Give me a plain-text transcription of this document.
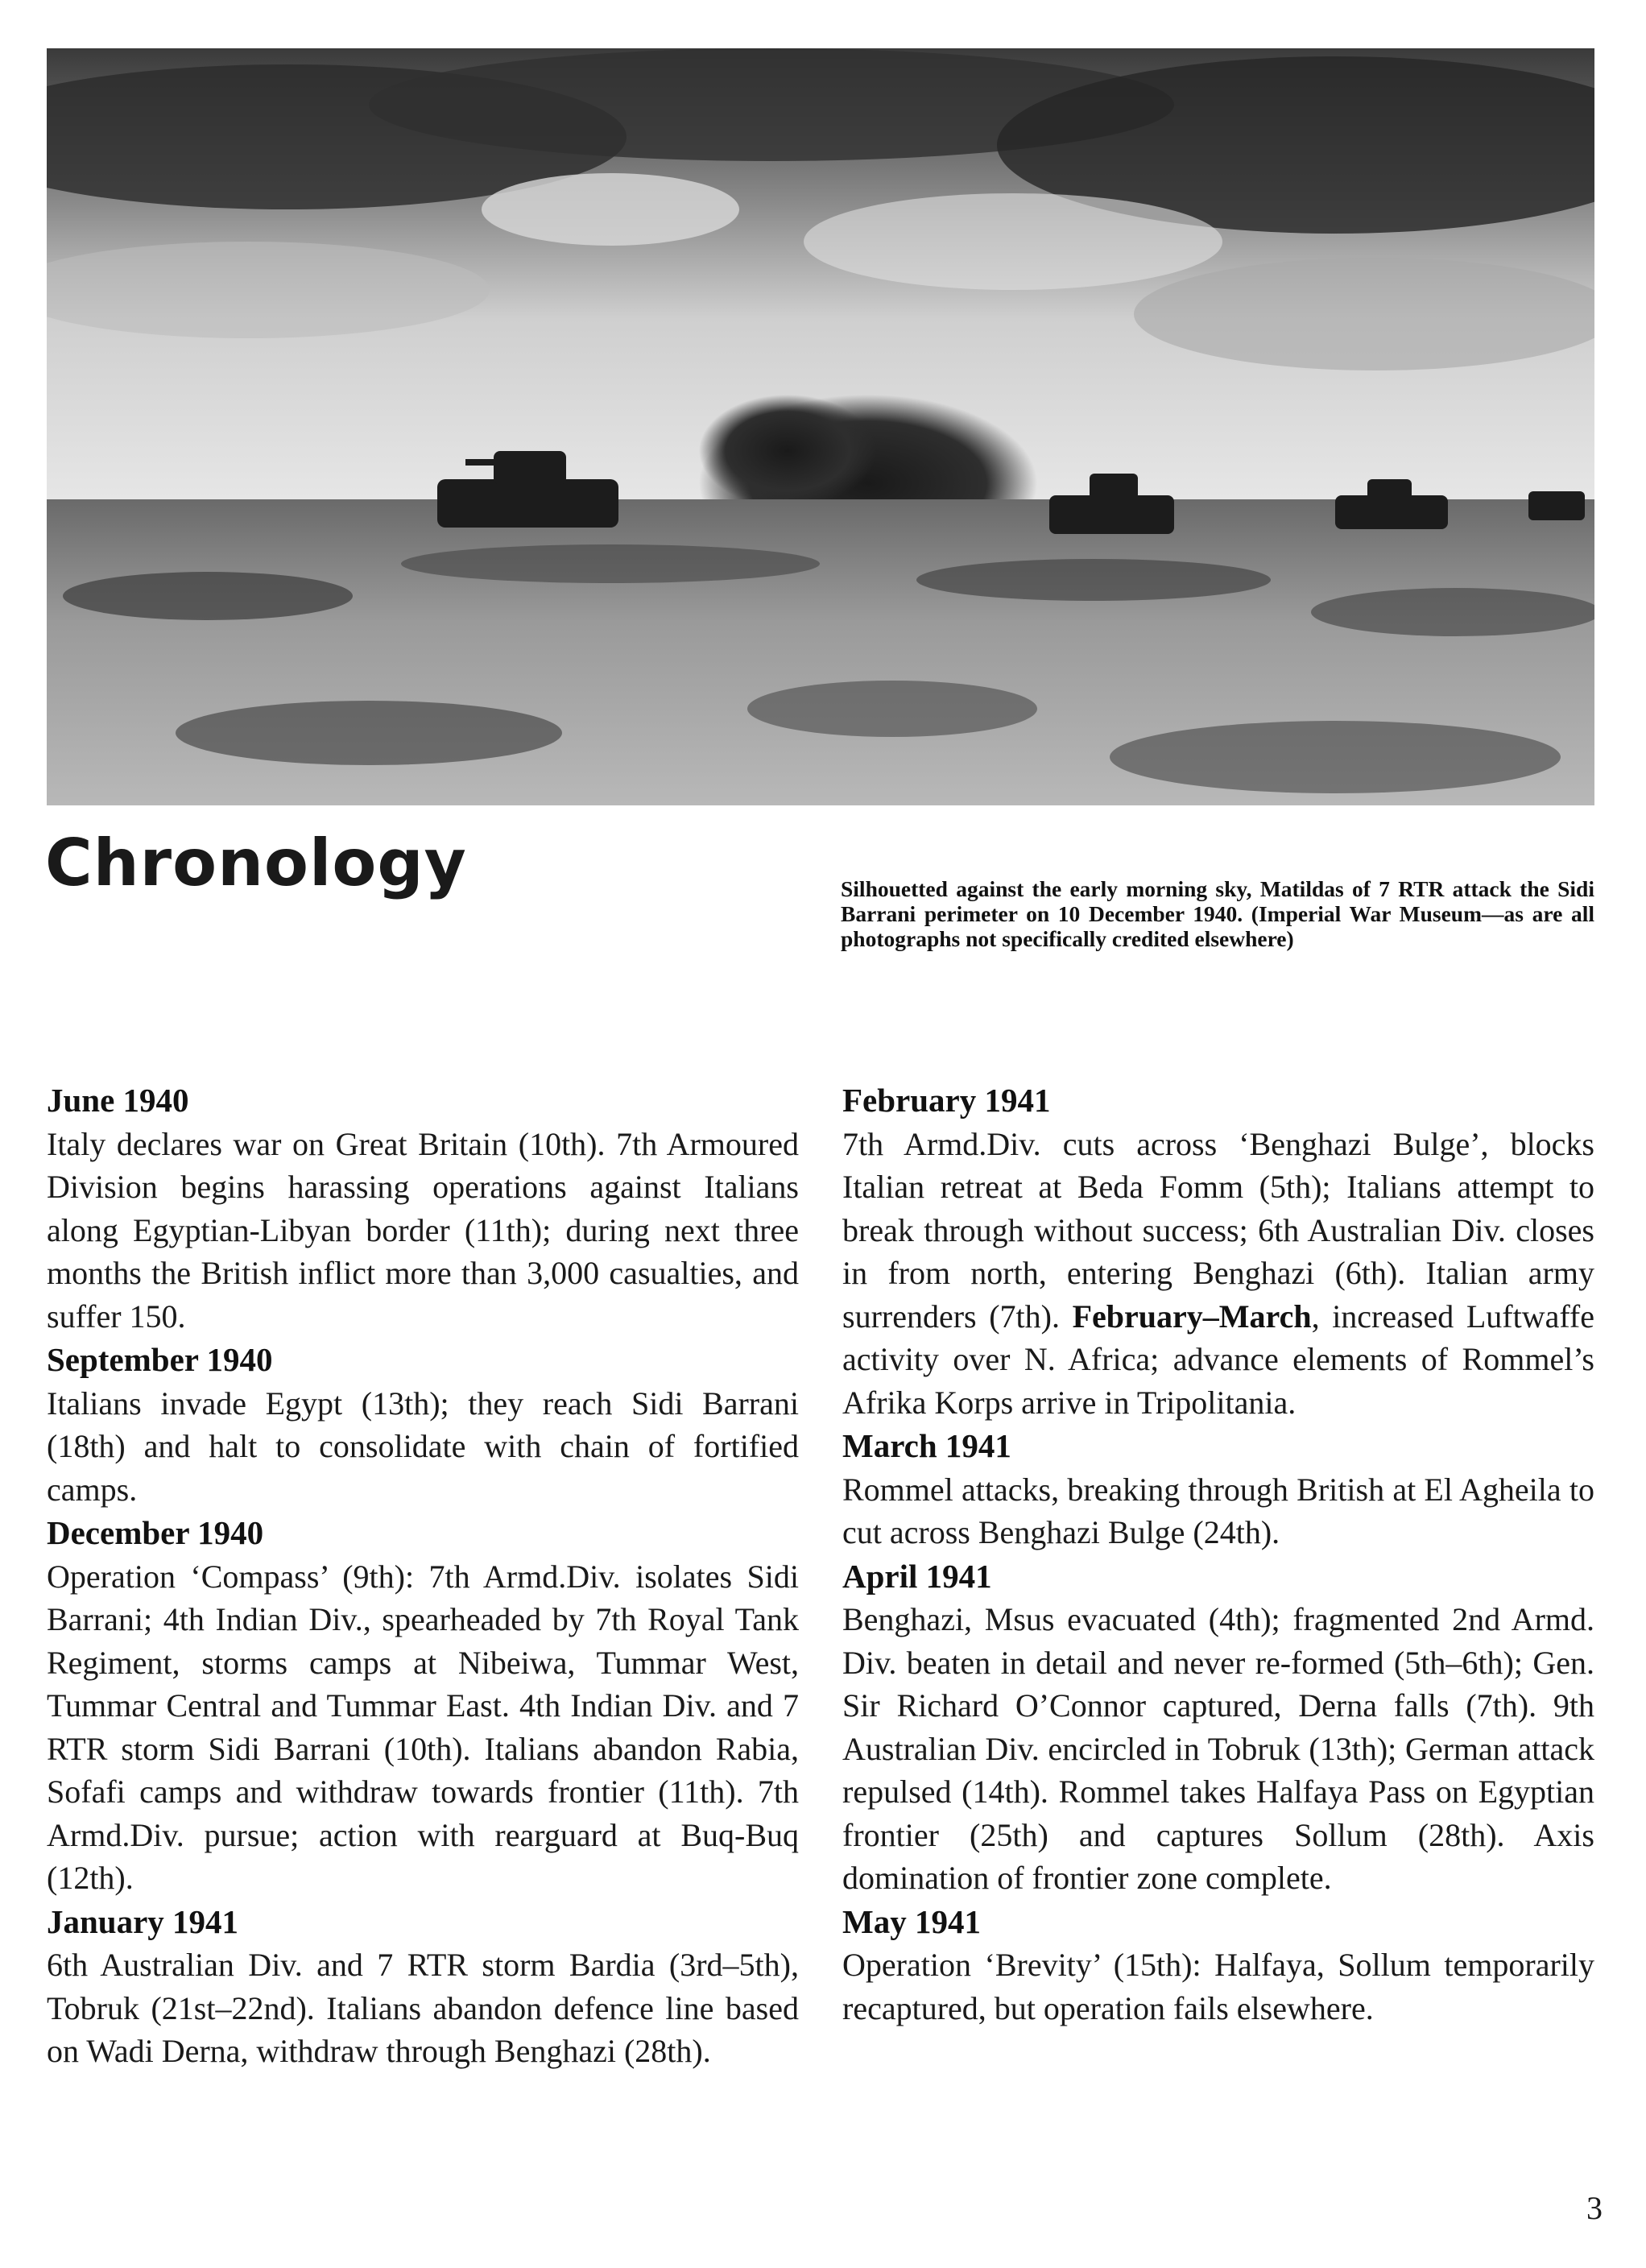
Chronology	Silhouetted against the early morning sky, Matildas of 7 RTR attack the Sidi Barrani perimeter on 10 December 1940. (Imperial War Museum—as are all photographs not specifically credited elsewhere)

June 1940

Italy declares war on Great Britain (10th). 7th Armoured Division begins harassing operations against Italians along Egyptian-Libyan border (11th); during next three months the British inflict more than 3,000 casualties, and suffer 150.

September 1940

Italians invade Egypt (13th); they reach Sidi Barrani (18th) and halt to consolidate with chain of fortified camps.

December 1940

Operation ‘Compass’ (9th): 7th Armd.Div. isolates Sidi Barrani; 4th Indian Div., spearheaded by 7th Royal Tank Regiment, storms camps at Nibeiwa, Tummar West, Tummar Central and Tummar East. 4th Indian Div. and 7 RTR storm Sidi Barrani (10th). Italians abandon Rabia, Sofafi camps and withdraw towards frontier (11th). 7th Armd.Div. pursue; action with rearguard at Buq-Buq (12th).

January 1941

6th Australian Div. and 7 RTR storm Bardia (3rd–5th), Tobruk (21st–22nd). Italians abandon defence line based on Wadi Derna, withdraw through Benghazi (28th).

February 1941

7th Armd.Div. cuts across ‘Benghazi Bulge’, blocks Italian retreat at Beda Fomm (5th); Italians attempt to break through without success; 6th Australian Div. closes in from north, entering Benghazi (6th). Italian army surrenders (7th). February–March, increased Luftwaffe activity over N. Africa; advance elements of Rommel’s Afrika Korps arrive in Tripolitania.

March 1941

Rommel attacks, breaking through British at El Agheila to cut across Benghazi Bulge (24th).

April 1941

Benghazi, Msus evacuated (4th); fragmented 2nd Armd. Div. beaten in detail and never re-formed (5th–6th); Gen. Sir Richard O’Connor captured, Derna falls (7th). 9th Australian Div. encircled in Tobruk (13th); German attack repulsed (14th). Rommel takes Halfaya Pass on Egyptian frontier (25th) and captures Sollum (28th). Axis domination of frontier zone complete.

May 1941

Operation ‘Brevity’ (15th): Halfaya, Sollum temporarily recaptured, but operation fails elsewhere.

3
